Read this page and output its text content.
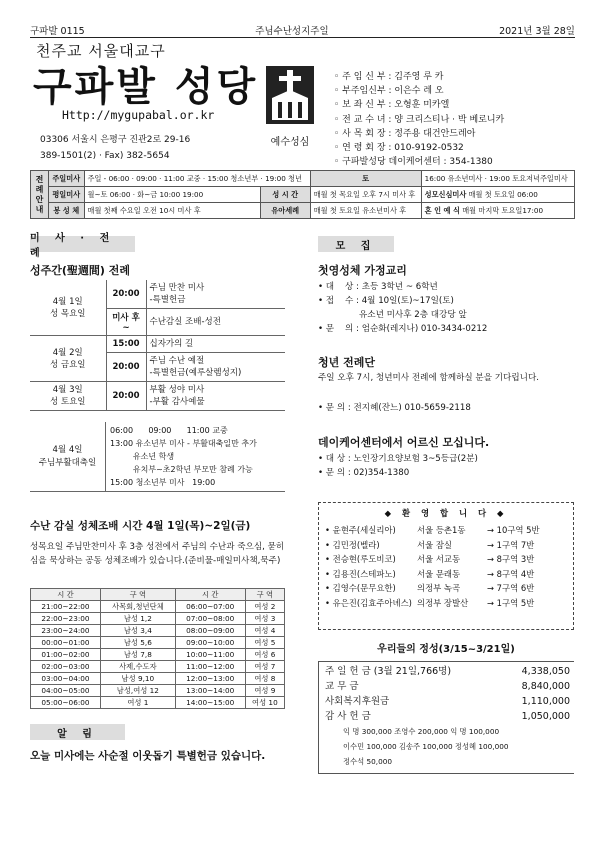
구파발 0115	주님수난성지주일	2021년 3월 28일
천주교 서울대교구
구파발 성당
Http://mygupabal.or.kr
03306 서울시 은평구 진관2로 29-16
389-1501(2) · Fax) 382-5654
예수성심
◦ 주 임 신 부 : 김주영 루 카
◦ 부주임신부 : 이은수 레 오
◦ 보 좌 신 부 : 오형훈 미카엘
◦ 전 교 수 녀 : 양 크리스티나 · 박 베로니카
◦ 사 목 회 장 : 정주용 대건안드레아
◦ 연 령 회 장 : 010-9192-0532
◦ 구파발성당 데이케어센터 : 354-1380
전례안내	주일미사	주일 - 06:00 · 09:00 · 11:00 교중 · 15:00 청소년부 · 19:00 청년		토	16:00 유소년미사 · 19:00 토요저녁주일미사
	평일미사	월~토 06:00 · 화~금 10:00 19:00	성 시 간	매월 첫 목요일 오후 7시 미사 후	성모신심미사 매월 첫 토요일 06:00
	봉 성 체	매월 첫째 수요일 오전 10시 미사 후	유아세례	매월 첫 토요일 유소년미사 후	혼 인 예 식 매월 마지막 토요일17:00
미 사 · 전 례
성주간(聖週間) 전례
4월 1일
성 목요일	20:00	주님 만찬 미사
-특별헌금
	미사 후~	수난감실 조배-성전
4월 2일
성 금요일	15:00	십자가의 길
	20:00	주님 수난 예절
-특별헌금(예루살렘성지)
4월 3일
성 토요일	20:00	부활 성야 미사
-부활 감사예물
4월 4일
주님부활대축일
06:00      09:00      11:00 교중
13:00 유소년부 미사 - 부활대축일만 추가
유소년 학생
유치부~초2학년 부모만 참례 가능
15:00 청소년부 미사   19:00
수난 감실 성체조배 시간 4월 1일(목)~2일(금)
성목요일 주님만찬미사 후 3층 성전에서 주님의 수난과 죽으심, 묻히심을 묵상하는 공동 성체조배가 있습니다.(준비물-매일미사책,묵주)
시 간	구 역	시 간	구 역
21:00~22:00	사목회,청년단체	06:00~07:00	여성 2
22:00~23:00	남성 1,2	07:00~08:00	여성 3
23:00~24:00	남성 3,4	08:00~09:00	여성 4
00:00~01:00	남성 5,6	09:00~10:00	여성 5
01:00~02:00	남성 7,8	10:00~11:00	여성 6
02:00~03:00	사제,수도자	11:00~12:00	여성 7
03:00~04:00	남성 9,10	12:00~13:00	여성 8
04:00~05:00	남성,여성 12	13:00~14:00	여성 9
05:00~06:00	여성 1	14:00~15:00	여성 10
알 림
오늘 미사에는 사순절 이웃돕기 특별헌금 있습니다.
모 집
첫영성체 가정교리
• 대    상 : 초등 3학년 ~ 6학년
• 접    수 : 4월 10일(토)~17일(토)
유소년 미사후 2층 대강당 앞
• 문    의 : 엄순화(레지나) 010-3434-0212
청년 전례단
주일 오후 7시, 청년미사 전례에 함께하실 분을 기다립니다.
• 문 의 : 전지혜(잔느) 010-5659-2118
데이케어센터에서 어르신 모십니다.
• 대 상 : 노인장기요양보험 3~5등급(2분)
• 문 의 : 02)354-1380
◆ 환 영 합 니 다 ◆
• 윤현주(세실리아)	서울 등촌1동	→ 10구역 5반
• 김민정(벨라)	서울 잠실	→ 1구역 7반
• 전승현(루도비코)	서울 서교동	→ 8구역 3반
• 김용진(스테파노)	서울 문래동	→ 8구역 4반
• 김영수(문무요한)	의정부 녹곡	→ 7구역 6반
• 유은진(김효주아녜스) 의정부 장발산	→ 1구역 5반
우리들의 정성(3/15~3/21일)
주 일 헌 금 (3월 21일,766명)	4,338,050
교 무 금	8,840,000
사회복지후원금	1,110,000
감 사 헌 금	1,050,000
익 명 300,000 조영수 200,000 익 명 100,000
이수민 100,000 김송주 100,000 정성혜 100,000
정수석 50,000
